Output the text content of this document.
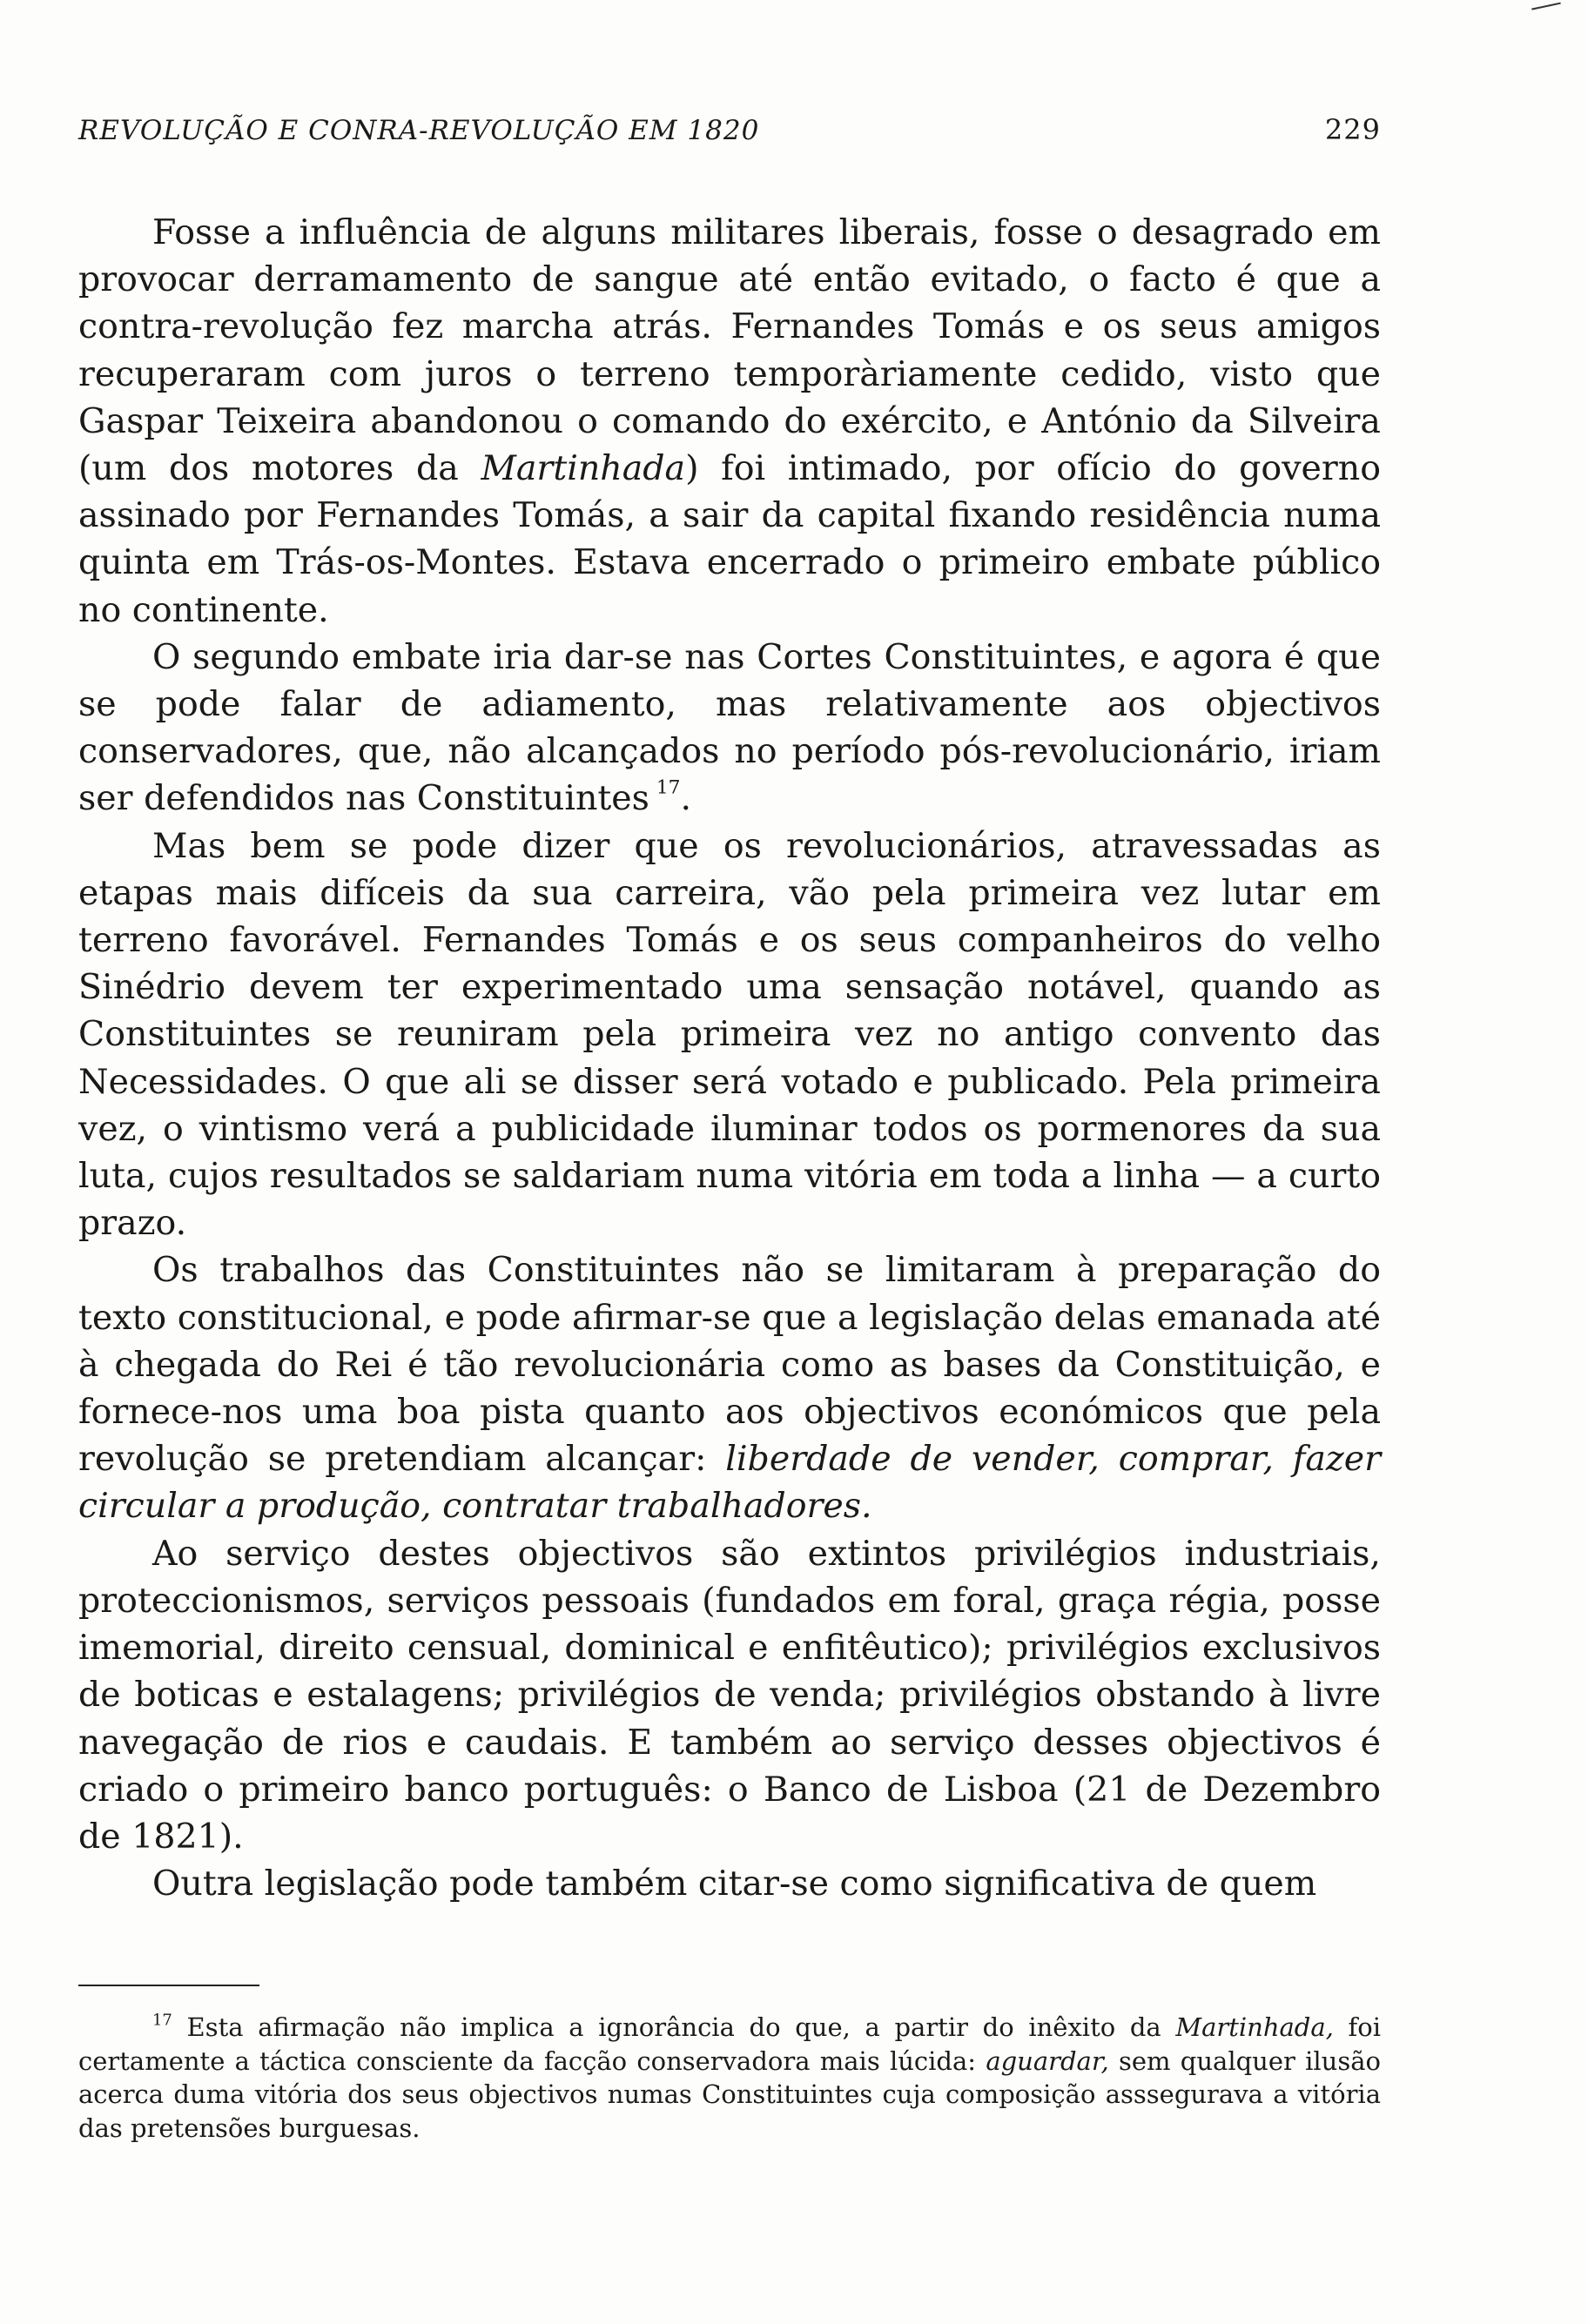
REVOLUÇÃO E CONRA-REVOLUÇÃO EM 1820	229

Fosse a influência de alguns militares liberais, fosse o desagrado em provocar derramamento de sangue até então evitado, o facto é que a contra-revolução fez marcha atrás. Fernandes Tomás e os seus amigos recuperaram com juros o terreno temporàriamente cedido, visto que Gaspar Teixeira abandonou o comando do exército, e António da Silveira (um dos motores da Martinhada) foi intimado, por ofício do governo assinado por Fernandes Tomás, a sair da capital fixando residência numa quinta em Trás-os-Montes. Estava encerrado o primeiro embate público no continente.

O segundo embate iria dar-se nas Cortes Constituintes, e agora é que se pode falar de adiamento, mas relativamente aos objectivos conservadores, que, não alcançados no período pós-revolucionário, iriam ser defendidos nas Constituintes  $^{17}$.

Mas bem se pode dizer que os revolucionários, atravessadas as etapas mais difíceis da sua carreira, vão pela primeira vez lutar em terreno favorável. Fernandes Tomás e os seus companheiros do velho Sinédrio devem ter experimentado uma sensação notável, quando as Constituintes se reuniram pela primeira vez no antigo convento das Necessidades. O que ali se disser será votado e publicado. Pela primeira vez, o vintismo verá a publicidade iluminar todos os pormenores da sua luta, cujos resultados se saldariam numa vitória em toda a linha — a curto prazo.

Os trabalhos das Constituintes não se limitaram à preparação do texto constitucional, e pode afirmar-se que a legislação delas emanada até à chegada do Rei é tão revolucionária como as bases da Constituição, e fornece-nos uma boa pista quanto aos objectivos económicos que pela revolução se pretendiam alcançar: liberdade de vender, comprar, fazer circular a produção, contratar trabalhadores.

Ao serviço destes objectivos são extintos privilégios industriais, proteccionismos, serviços pessoais (fundados em foral, graça régia, posse imemorial, direito censual, dominical e enfitêutico); privilégios exclusivos de boticas e estalagens; privilégios de venda; privilégios obstando à livre navegação de rios e caudais. E também ao serviço desses objectivos é criado o primeiro banco português: o Banco de Lisboa (21 de Dezembro de 1821).

Outra legislação pode também citar-se como significativa de quem

$^{17}$ Esta afirmação não implica a ignorância do que, a partir do inêxito da Martinhada, foi certamente a táctica consciente da facção conservadora mais lúcida: aguardar, sem qualquer ilusão acerca duma vitória dos seus objectivos numas Constituintes cuja composição asssegurava a vitória das pretensões burguesas.
